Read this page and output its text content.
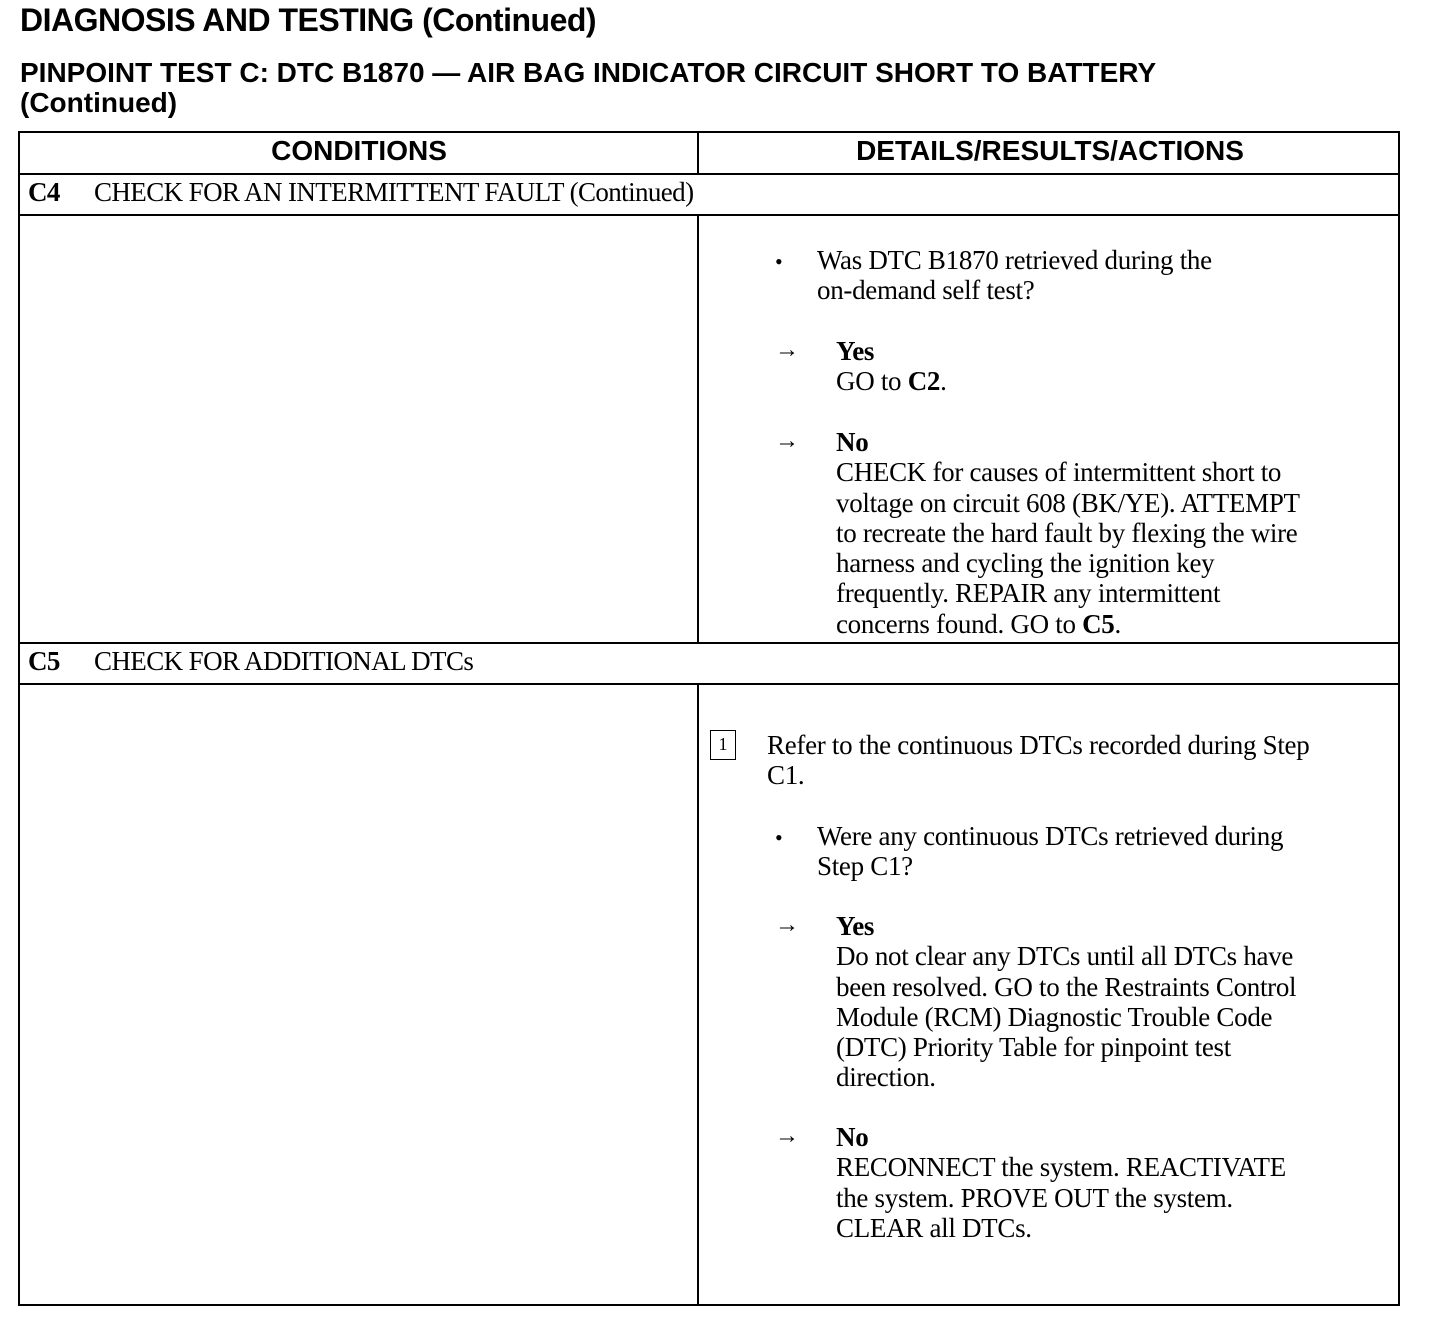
DIAGNOSIS AND TESTING (Continued)
PINPOINT TEST C: DTC B1870 — AIR BAG INDICATOR CIRCUIT SHORT TO BATTERY
(Continued)
CONDITIONS	DETAILS/RESULTS/ACTIONS
C4 CHECK FOR AN INTERMITTENT FAULT (Continued)
• Was DTC B1870 retrieved during the
on-demand self test?
→ Yes
GO to C2.
→ No
CHECK for causes of intermittent short to
voltage on circuit 608 (BK/YE). ATTEMPT
to recreate the hard fault by flexing the wire
harness and cycling the ignition key
frequently. REPAIR any intermittent
concerns found. GO to C5.
C5 CHECK FOR ADDITIONAL DTCs
1	Refer to the continuous DTCs recorded during Step
C1.
• Were any continuous DTCs retrieved during
Step C1?
→ Yes
Do not clear any DTCs until all DTCs have
been resolved. GO to the Restraints Control
Module (RCM) Diagnostic Trouble Code
(DTC) Priority Table for pinpoint test
direction.
→ No
RECONNECT the system. REACTIVATE
the system. PROVE OUT the system.
CLEAR all DTCs.
